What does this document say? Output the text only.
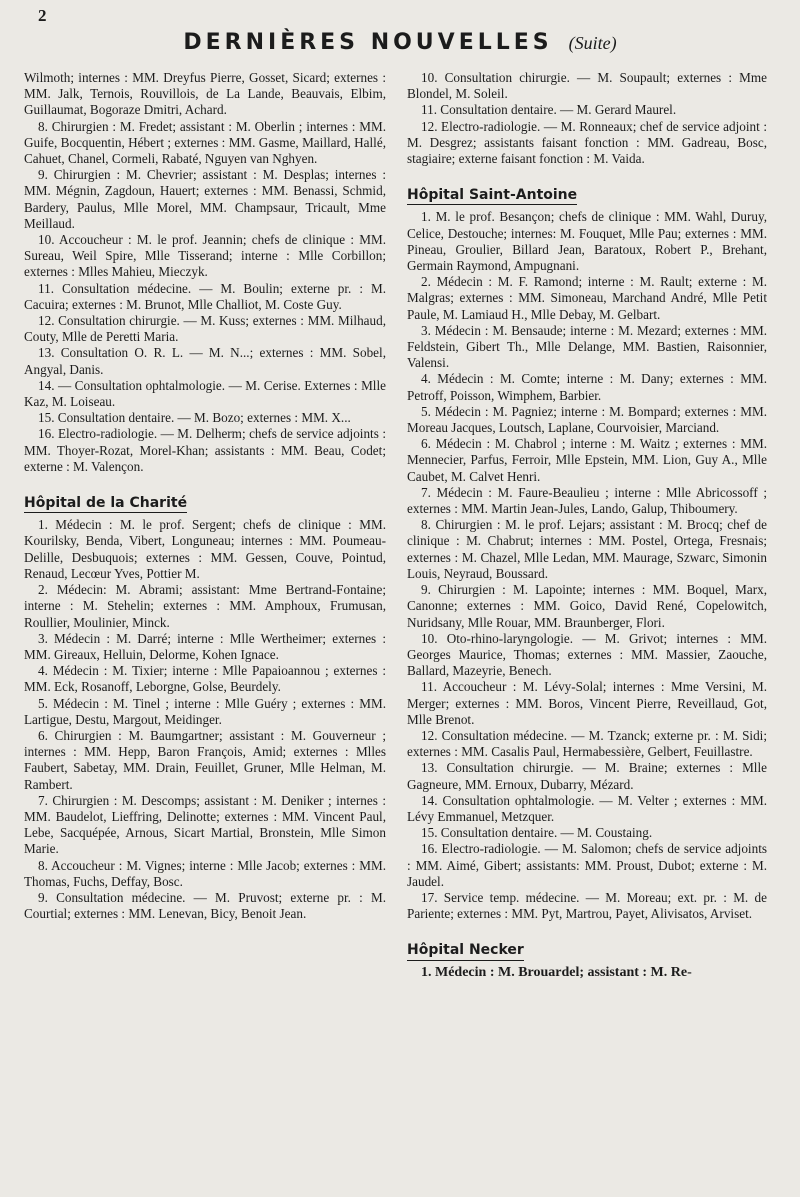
2
DERNIÈRES NOUVELLES (Suite)

Wilmoth; internes : MM. Dreyfus Pierre, Gosset, Sicard; externes : MM. Jalk, Ternois, Rouvillois, de La Lande, Beauvais, Elbim, Guillaumat, Bogoraze Dmitri, Achard.

8. Chirurgien : M. Fredet; assistant : M. Oberlin ; internes : MM. Guife, Bocquentin, Hébert ; externes : MM. Gasme, Maillard, Hallé, Cahuet, Chanel, Cormeli, Rabaté, Nguyen van Nghyen.

9. Chirurgien : M. Chevrier; assistant : M. Desplas; internes : MM. Mégnin, Zagdoun, Hauert; externes : MM. Benassi, Schmid, Bardery, Paulus, Mlle Morel, MM. Champsaur, Tricault, Mme Meillaud.

10. Accoucheur : M. le prof. Jeannin; chefs de clinique : MM. Sureau, Weil Spire, Mlle Tisserand; interne : Mlle Corbillon; externes : Mlles Mahieu, Mieczyk.

11. Consultation médecine. — M. Boulin; externe pr. : M. Cacuira; externes : M. Brunot, Mlle Challiot, M. Coste Guy.

12. Consultation chirurgie. — M. Kuss; externes : MM. Milhaud, Couty, Mlle de Peretti Maria.

13. Consultation O. R. L. — M. N...; externes : MM. Sobel, Angyal, Danis.

14. — Consultation ophtalmologie. — M. Cerise. Externes : Mlle Kaz, M. Loiseau.

15. Consultation dentaire. — M. Bozo; externes : MM. X...

16. Electro-radiologie. — M. Delherm; chefs de service adjoints : MM. Thoyer-Rozat, Morel-Khan; assistants : MM. Beau, Codet; externe : M. Valençon.

Hôpital de la Charité

1. Médecin : M. le prof. Sergent; chefs de clinique : MM. Kourilsky, Benda, Vibert, Longuneau; internes : MM. Poumeau-Delille, Desbuquois; externes : MM. Gessen, Couve, Pointud, Renaud, Lecœur Yves, Pottier M.

2. Médecin: M. Abrami; assistant: Mme Bertrand-Fontaine; interne : M. Stehelin; externes : MM. Amphoux, Frumusan, Roullier, Moulinier, Minck.

3. Médecin : M. Darré; interne : Mlle Wertheimer; externes : MM. Gireaux, Helluin, Delorme, Kohen Ignace.

4. Médecin : M. Tixier; interne : Mlle Papaioannou ; externes : MM. Eck, Rosanoff, Leborgne, Golse, Beurdely.

5. Médecin : M. Tinel ; interne : Mlle Guéry ; externes : MM. Lartigue, Destu, Margout, Meidinger.

6. Chirurgien : M. Baumgartner; assistant : M. Gouverneur ; internes : MM. Hepp, Baron François, Amid; externes : Mlles Faubert, Sabetay, MM. Drain, Feuillet, Gruner, Mlle Helman, M. Rambert.

7. Chirurgien : M. Descomps; assistant : M. Deniker ; internes : MM. Baudelot, Lieffring, Delinotte; externes : MM. Vincent Paul, Lebe, Sacquépée, Arnous, Sicart Martial, Bronstein, Mlle Simon Marie.

8. Accoucheur : M. Vignes; interne : Mlle Jacob; externes : MM. Thomas, Fuchs, Deffay, Bosc.

9. Consultation médecine. — M. Pruvost; externe pr. : M. Courtial; externes : MM. Lenevan, Bicy, Benoit Jean.

10. Consultation chirurgie. — M. Soupault; externes : Mme Blondel, M. Soleil.

11. Consultation dentaire. — M. Gerard Maurel.

12. Electro-radiologie. — M. Ronneaux; chef de service adjoint : M. Desgrez; assistants faisant fonction : MM. Gadreau, Bosc, stagiaire; externe faisant fonction : M. Vaida.

Hôpital Saint-Antoine

1. M. le prof. Besançon; chefs de clinique : MM. Wahl, Duruy, Celice, Destouche; internes: M. Fouquet, Mlle Pau; externes : MM. Pineau, Groulier, Billard Jean, Baratoux, Robert P., Brehant, Germain Raymond, Ampugnani.

2. Médecin : M. F. Ramond; interne : M. Rault; externe : M. Malgras; externes : MM. Simoneau, Marchand André, Mlle Petit Paule, M. Lamiaud H., Mlle Debay, M. Gelbart.

3. Médecin : M. Bensaude; interne : M. Mezard; externes : MM. Feldstein, Gibert Th., Mlle Delange, MM. Bastien, Raisonnier, Valensi.

4. Médecin : M. Comte; interne : M. Dany; externes : MM. Petroff, Poisson, Wimphem, Barbier.

5. Médecin : M. Pagniez; interne : M. Bompard; externes : MM. Moreau Jacques, Loutsch, Laplane, Courvoisier, Marciand.

6. Médecin : M. Chabrol ; interne : M. Waitz ; externes : MM. Mennecier, Parfus, Ferroir, Mlle Epstein, MM. Lion, Guy A., Mlle Caubet, M. Calvet Henri.

7. Médecin : M. Faure-Beaulieu ; interne : Mlle Abricossoff ; externes : MM. Martin Jean-Jules, Lando, Galup, Thiboumery.

8. Chirurgien : M. le prof. Lejars; assistant : M. Brocq; chef de clinique : M. Chabrut; internes : MM. Postel, Ortega, Fresnais; externes : M. Chazel, Mlle Ledan, MM. Maurage, Szwarc, Simonin Louis, Neyraud, Boussard.

9. Chirurgien : M. Lapointe; internes : MM. Boquel, Marx, Canonne; externes : MM. Goico, David René, Copelowitch, Nuridsany, Mlle Rouar, MM. Braunberger, Flori.

10. Oto-rhino-laryngologie. — M. Grivot; internes : MM. Georges Maurice, Thomas; externes : MM. Massier, Zaouche, Ballard, Mazeyrie, Benech.

11. Accoucheur : M. Lévy-Solal; internes : Mme Versini, M. Merger; externes : MM. Boros, Vincent Pierre, Reveillaud, Got, Mlle Brenot.

12. Consultation médecine. — M. Tzanck; externe pr. : M. Sidi; externes : MM. Casalis Paul, Hermabessière, Gelbert, Feuillastre.

13. Consultation chirurgie. — M. Braine; externes : Mlle Gagneure, MM. Ernoux, Dubarry, Mézard.

14. Consultation ophtalmologie. — M. Velter ; externes : MM. Lévy Emmanuel, Metzquer.

15. Consultation dentaire. — M. Coustaing.

16. Electro-radiologie. — M. Salomon; chefs de service adjoints : MM. Aimé, Gibert; assistants: MM. Proust, Dubot; externe : M. Jaudel.

17. Service temp. médecine. — M. Moreau; ext. pr. : M. de Pariente; externes : MM. Pyt, Martrou, Payet, Alivisatos, Arviset.

Hôpital Necker

1. Médecin : M. Brouardel; assistant : M. Re-
